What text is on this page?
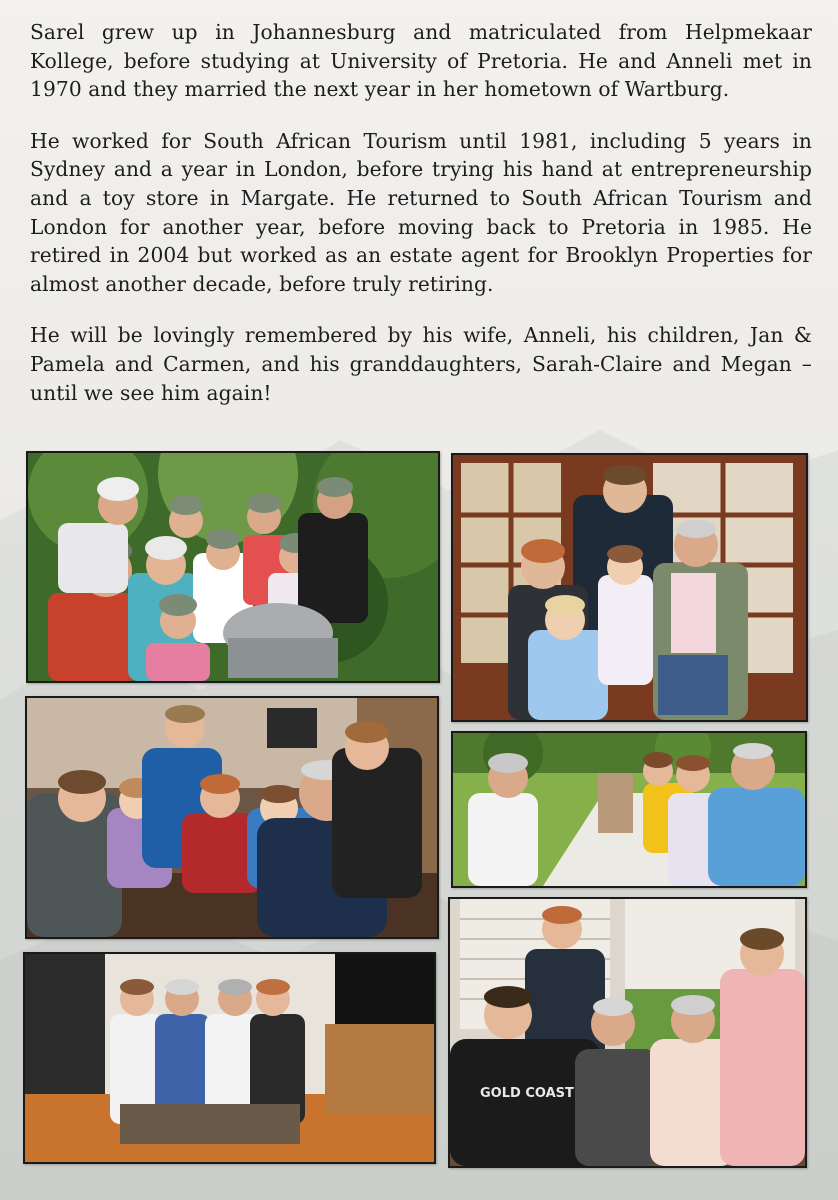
Sarel grew up in Johannesburg and matriculated from Helpmekaar Kollege, before studying at University of Pretoria. He and Anneli met in 1970 and they married the next year in her hometown of Wartburg.

He worked for South African Tourism until 1981, including 5 years in Sydney and a year in London, before trying his hand at entrepreneurship and a toy store in Margate. He returned to South African Tourism and London for another year, before moving back to Pretoria in 1985. He retired in 2004 but worked as an estate agent for Brooklyn Properties for almost another decade, before truly retiring.

He will be lovingly remembered by his wife, Anneli, his children, Jan & Pamela and Carmen, and his granddaughters, Sarah-Claire and Megan – until we see him again!

GOLD COAST
